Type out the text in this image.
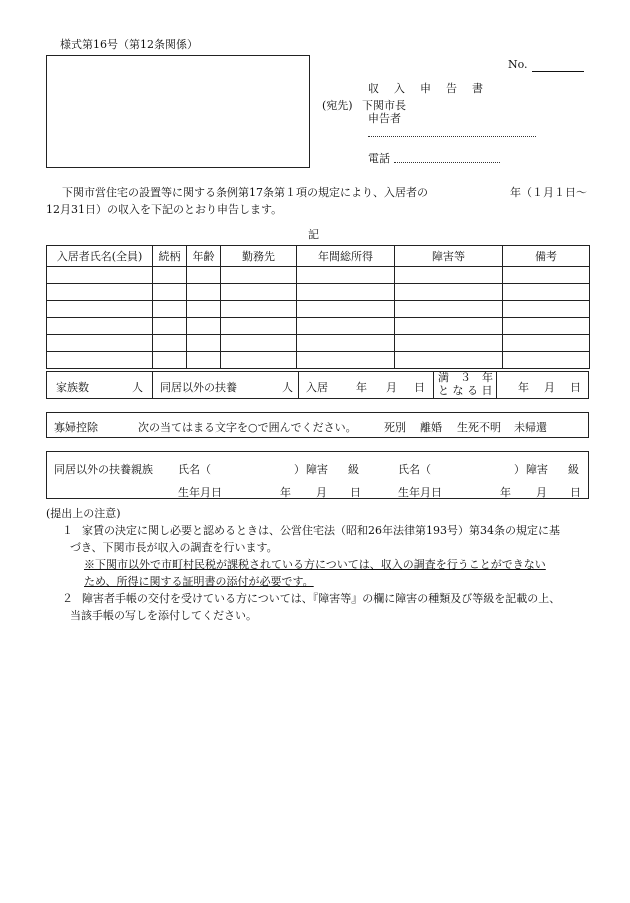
様式第16号（第12条関係）
No.
収　入　申　告　書
(宛先) 下関市長
申告者
電話
下関市営住宅の設置等に関する条例第17条第１項の規定により、入居者の	年（１月１日〜
12月31日）の収入を下記のとおり申告します。
記
入居者氏名(全員)	続柄	年齢	勤務先	年間総所得	障害等	備考

家族数	人 同居以外の扶養	人 入居	年 月 日
満　３　年
と な る 日 年 月 日
寡婦控除	次の当てはまる文字を○で囲んでください。 死別 離婚 生死不明 未帰還
同居以外の扶養親族 氏名（	） 障害 級
生年月日	年 月 日
氏名（	） 障害 級
生年月日	年 月 日
(提出上の注意)
１ 家賃の決定に関し必要と認めるときは、公営住宅法（昭和26年法律第193号）第34条の規定に基
づき、下関市長が収入の調査を行います。
※下関市以外で市町村民税が課税されている方については、収入の調査を行うことができない
ため、所得に関する証明書の添付が必要です。
２ 障害者手帳の交付を受けている方については、『障害等』の欄に障害の種類及び等級を記載の上、
当該手帳の写しを添付してください。
